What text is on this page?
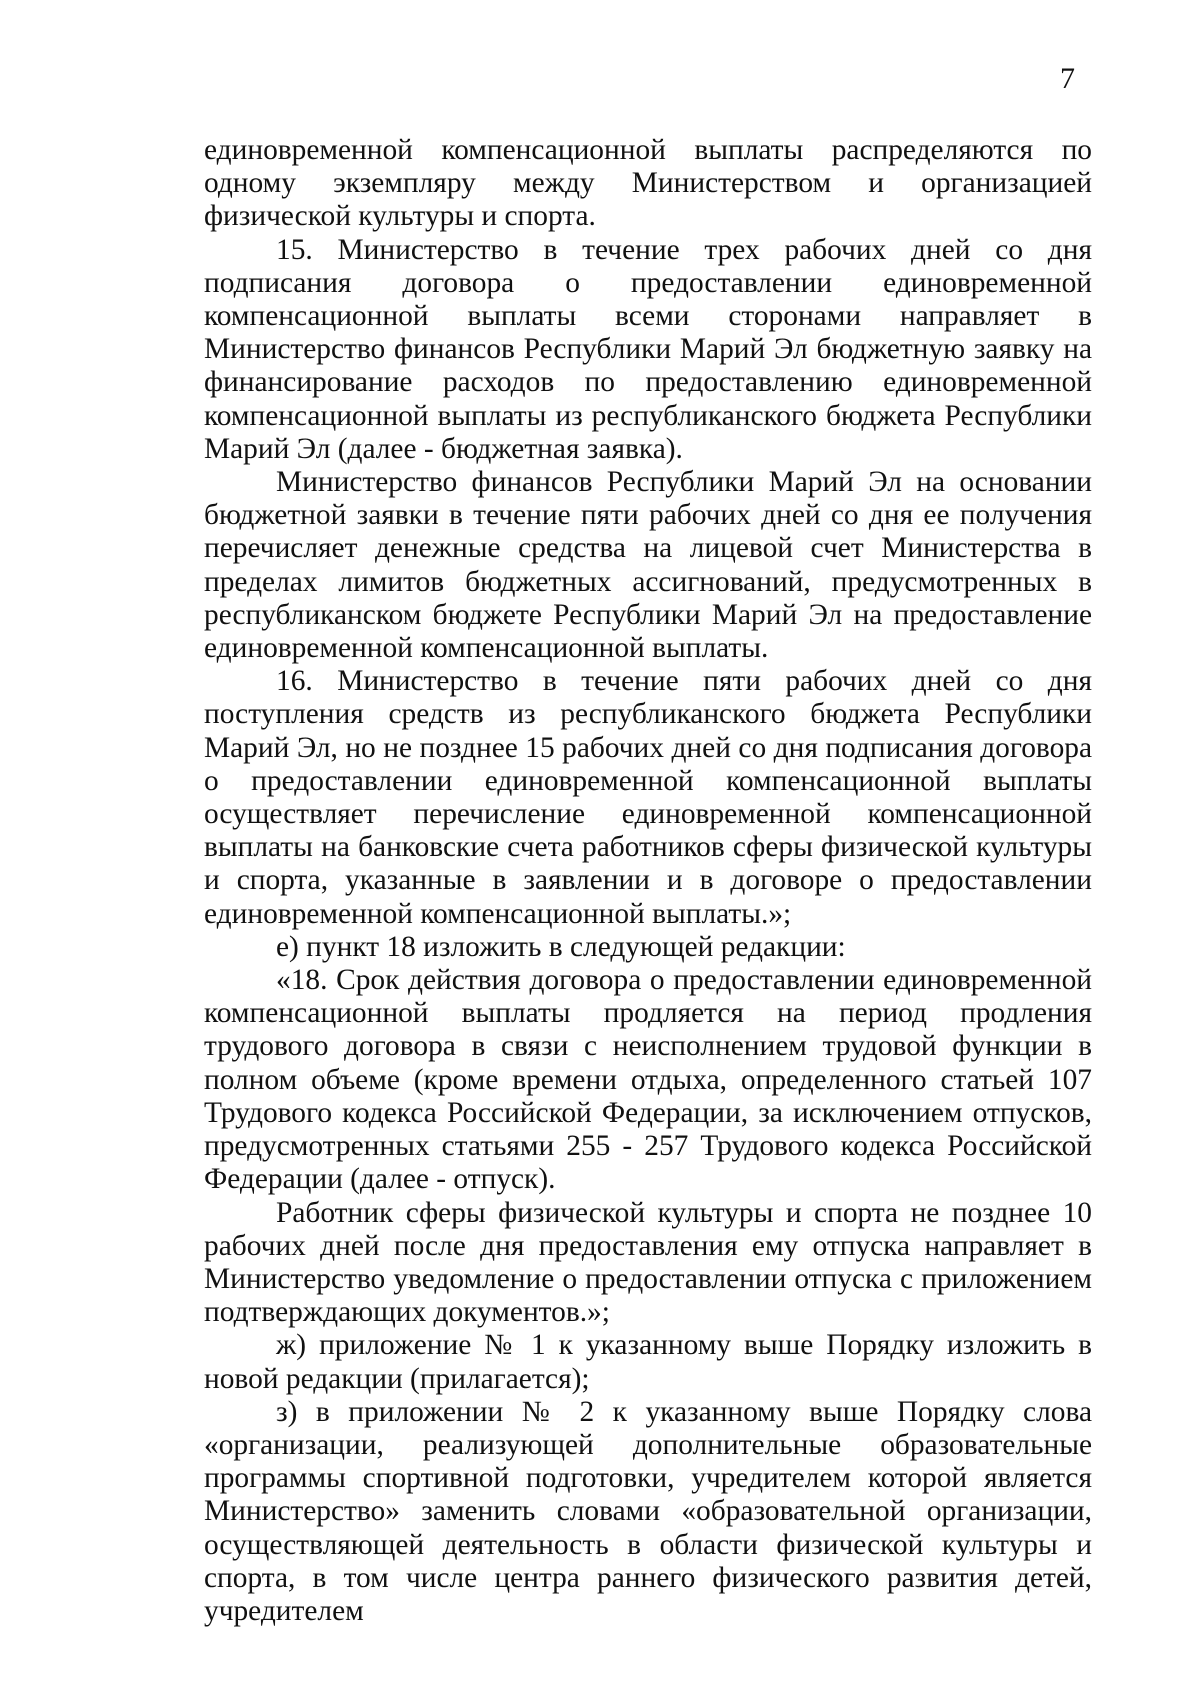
7

единовременной компенсационной выплаты распределяются по одному экземпляру между Министерством и организацией физической культуры и спорта.

15. Министерство в течение трех рабочих дней со дня подписания договора о предоставлении единовременной компенсационной выплаты всеми сторонами направляет в Министерство финансов Республики Марий Эл бюджетную заявку на финансирование расходов по предоставлению единовременной компенсационной выплаты из республиканского бюджета Республики Марий Эл (далее - бюджетная заявка).

Министерство финансов Республики Марий Эл на основании бюджетной заявки в течение пяти рабочих дней со дня ее получения перечисляет денежные средства на лицевой счет Министерства в пределах лимитов бюджетных ассигнований, предусмотренных в республиканском бюджете Республики Марий Эл на предоставление единовременной компенсационной выплаты.

16. Министерство в течение пяти рабочих дней со дня поступления средств из республиканского бюджета Республики Марий Эл, но не позднее 15 рабочих дней со дня подписания договора о предоставлении единовременной компенсационной выплаты осуществляет перечисление единовременной компенсационной выплаты на банковские счета работников сферы физической культуры и спорта, указанные в заявлении и в договоре о предоставлении единовременной компенсационной выплаты.»;

е) пункт 18 изложить в следующей редакции:

«18. Срок действия договора о предоставлении единовременной компенсационной выплаты продляется на период продления трудового договора в связи с неисполнением трудовой функции в полном объеме (кроме времени отдыха, определенного статьей 107 Трудового кодекса Российской Федерации, за исключением отпусков, предусмотренных статьями 255 - 257 Трудового кодекса Российской Федерации (далее - отпуск).

Работник сферы физической культуры и спорта не позднее 10 рабочих дней после дня предоставления ему отпуска направляет в Министерство уведомление о предоставлении отпуска с приложением подтверждающих документов.»;

ж) приложение № 1 к указанному выше Порядку изложить в новой редакции (прилагается);

з) в приложении № 2 к указанному выше Порядку слова «организации, реализующей дополнительные образовательные программы спортивной подготовки, учредителем которой является Министерство» заменить словами «образовательной организации, осуществляющей деятельность в области физической культуры и спорта, в том числе центра раннего физического развития детей, учредителем
